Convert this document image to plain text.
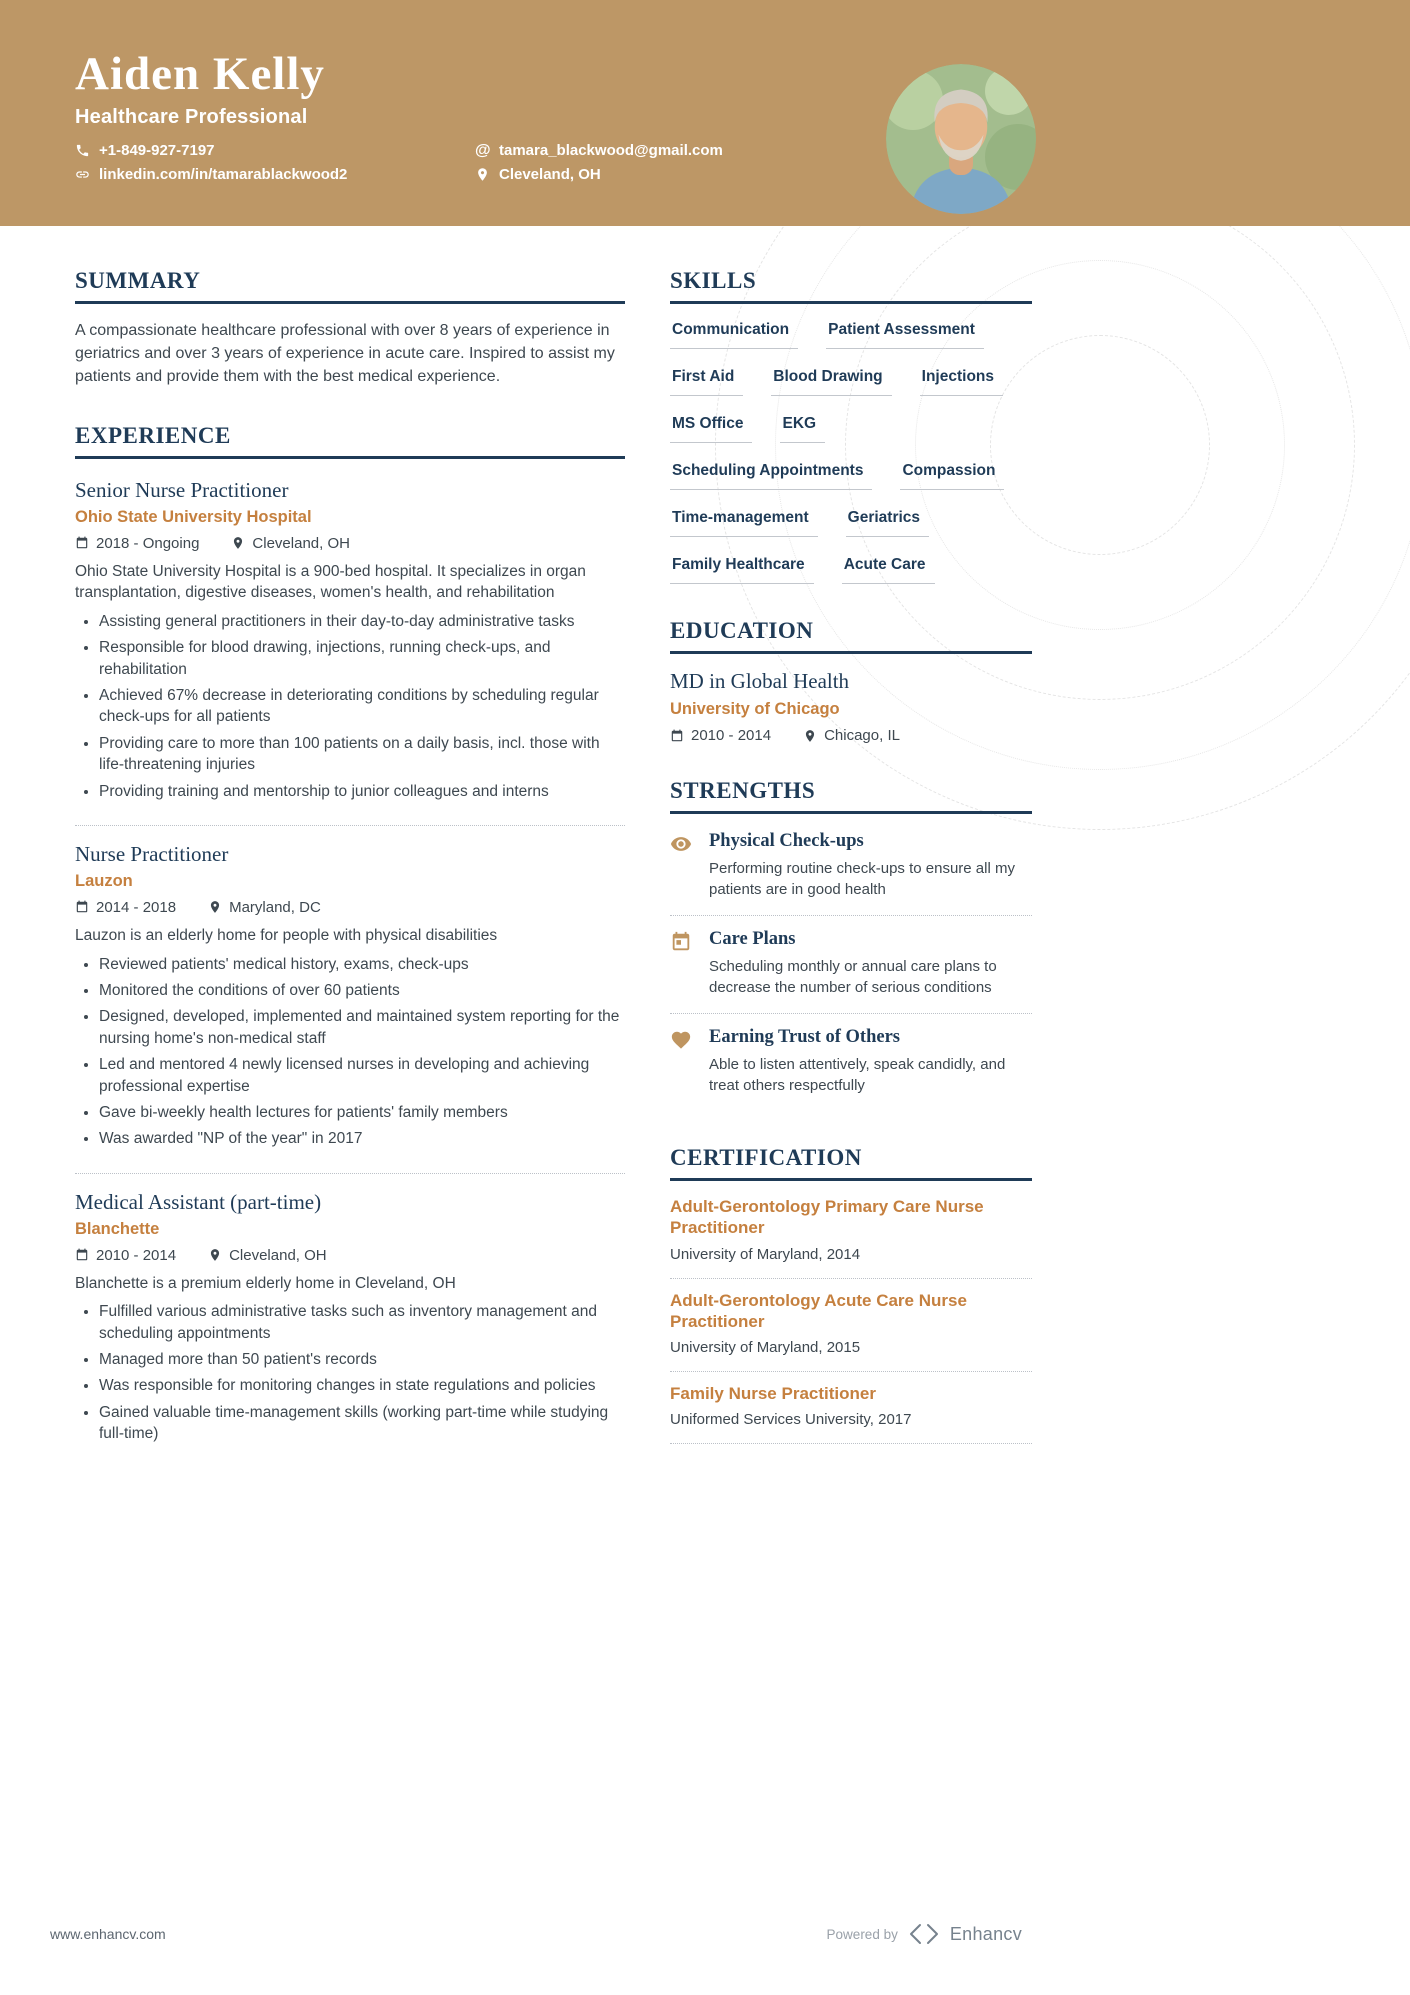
Aiden Kelly
Healthcare Professional
+1-849-927-7197	@ tamara_blackwood@gmail.com
linkedin.com/in/tamarablackwood2	Cleveland, OH
SUMMARY

A compassionate healthcare professional with over 8 years of experience in geriatrics and over 3 years of experience in acute care. Inspired to assist my patients and provide them with the best medical experience.

EXPERIENCE
Senior Nurse Practitioner
Ohio State University Hospital
2018 - Ongoing	Cleveland, OH

Ohio State University Hospital is a 900-bed hospital. It specializes in organ transplantation, digestive diseases, women's health, and rehabilitation

• Assisting general practitioners in their day-to-day administrative tasks
• Responsible for blood drawing, injections, running check-ups, and rehabilitation
• Achieved 67% decrease in deteriorating conditions by scheduling regular check-ups for all patients
• Providing care to more than 100 patients on a daily basis, incl. those with life-threatening injuries
• Providing training and mentorship to junior colleagues and interns
Nurse Practitioner
Lauzon
2014 - 2018	Maryland, DC

Lauzon is an elderly home for people with physical disabilities

• Reviewed patients' medical history, exams, check-ups
• Monitored the conditions of over 60 patients
• Designed, developed, implemented and maintained system reporting for the nursing home's non-medical staff
• Led and mentored 4 newly licensed nurses in developing and achieving professional expertise
• Gave bi-weekly health lectures for patients' family members
• Was awarded "NP of the year" in 2017
Medical Assistant (part-time)
Blanchette
2010 - 2014	Cleveland, OH

Blanchette is a premium elderly home in Cleveland, OH

• Fulfilled various administrative tasks such as inventory management and scheduling appointments
• Managed more than 50 patient's records
• Was responsible for monitoring changes in state regulations and policies
• Gained valuable time-management skills (working part-time while studying full-time)
SKILLS
Communication	Patient Assessment
First Aid	Blood Drawing	Injections
MS Office	EKG
Scheduling Appointments	Compassion
Time-management	Geriatrics
Family Healthcare	Acute Care
EDUCATION
MD in Global Health
University of Chicago
2010 - 2014	Chicago, IL
STRENGTHS
Physical Check-ups
Performing routine check-ups to ensure all my patients are in good health
Care Plans
Scheduling monthly or annual care plans to decrease the number of serious conditions
Earning Trust of Others
Able to listen attentively, speak candidly, and treat others respectfully
CERTIFICATION
Adult-Gerontology Primary Care Nurse Practitioner
University of Maryland, 2014
Adult-Gerontology Acute Care Nurse Practitioner
University of Maryland, 2015
Family Nurse Practitioner
Uniformed Services University, 2017
www.enhancv.com	Powered by	Enhancv
